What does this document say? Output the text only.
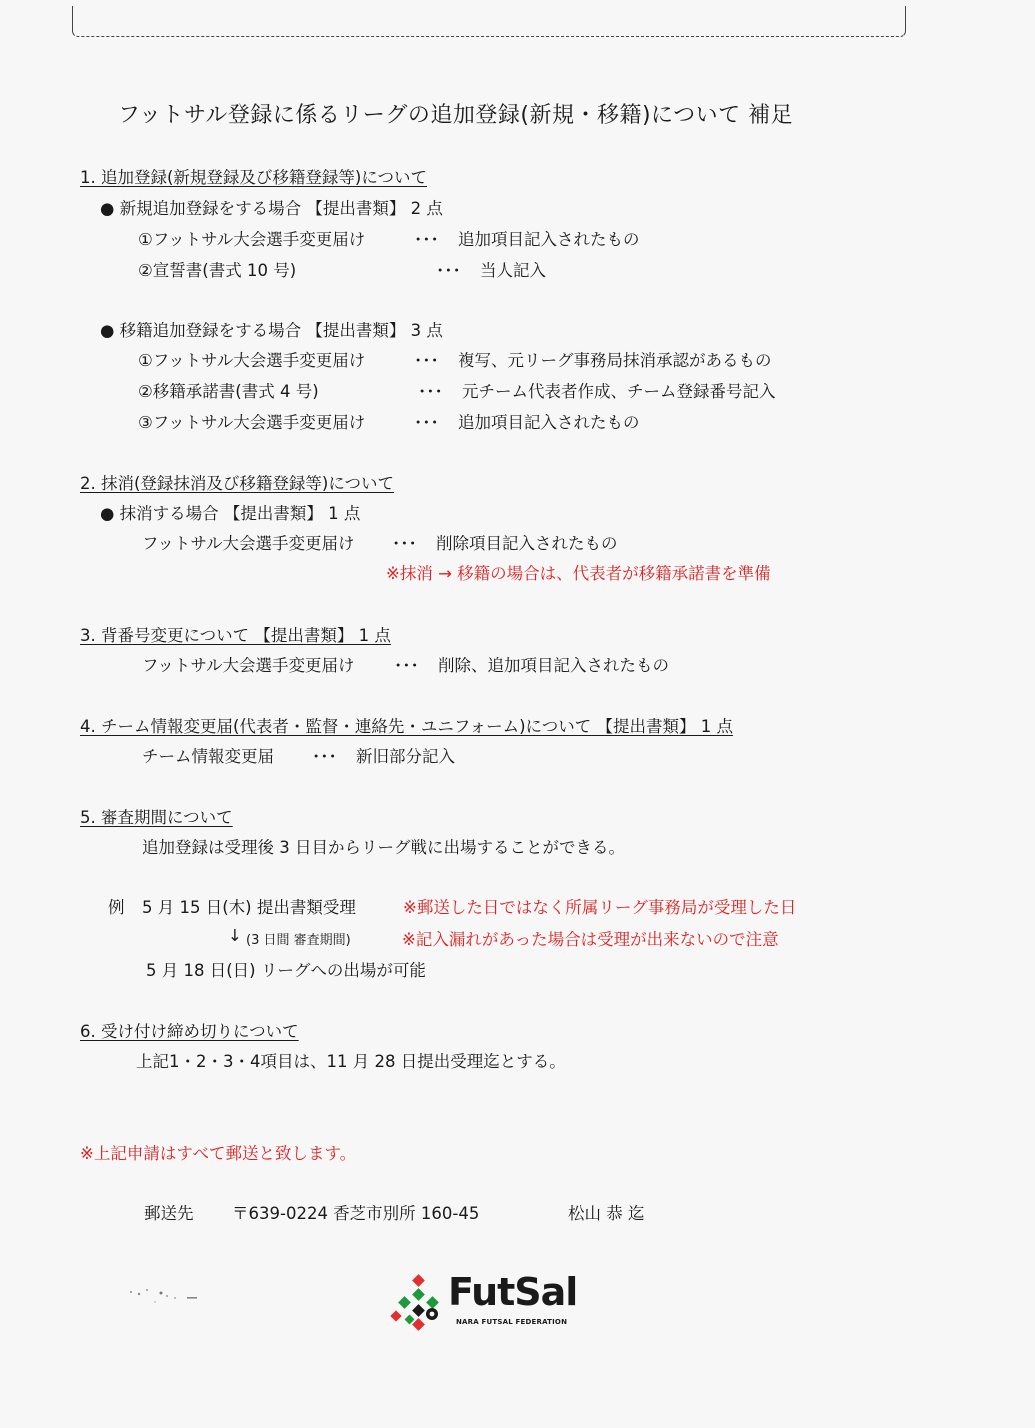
フットサル登録に係るリーグの追加登録(新規・移籍)について 補足
1. 追加登録(新規登録及び移籍登録等)について
● 新規追加登録をする場合 【提出書類】 2 点
①フットサル大会選手変更届け	･･･ 追加項目記入されたもの
②宣誓書(書式 10 号)	･･･ 当人記入
● 移籍追加登録をする場合 【提出書類】 3 点
①フットサル大会選手変更届け	･･･ 複写、元リーグ事務局抹消承認があるもの
②移籍承諾書(書式 4 号)	･･･ 元チーム代表者作成、チーム登録番号記入
③フットサル大会選手変更届け	･･･ 追加項目記入されたもの
2. 抹消(登録抹消及び移籍登録等)について
● 抹消する場合 【提出書類】 1 点
フットサル大会選手変更届け ･･･ 削除項目記入されたもの
※抹消 → 移籍の場合は、代表者が移籍承諾書を準備
3. 背番号変更について 【提出書類】 1 点
フットサル大会選手変更届け ･･･ 削除、追加項目記入されたもの
4. チーム情報変更届(代表者・監督・連絡先・ユニフォーム)について 【提出書類】 1 点
チーム情報変更届 ･･･ 新旧部分記入
5. 審査期間について
追加登録は受理後 3 日目からリーグ戦に出場することができる。
例 5 月 15 日(木) 提出書類受理	※郵送した日ではなく所属リーグ事務局が受理した日
↓ (3 日間 審査期間)	※記入漏れがあった場合は受理が出来ないので注意
5 月 18 日(日) リーグへの出場が可能
6. 受け付け締め切りについて
上記1・2・3・4項目は、11 月 28 日提出受理迄とする。
※上記申請はすべて郵送と致します。
郵送先 〒639-0224 香芝市別所 160-45	松山 恭 迄
FutSal
NARA FUTSAL FEDERATION
